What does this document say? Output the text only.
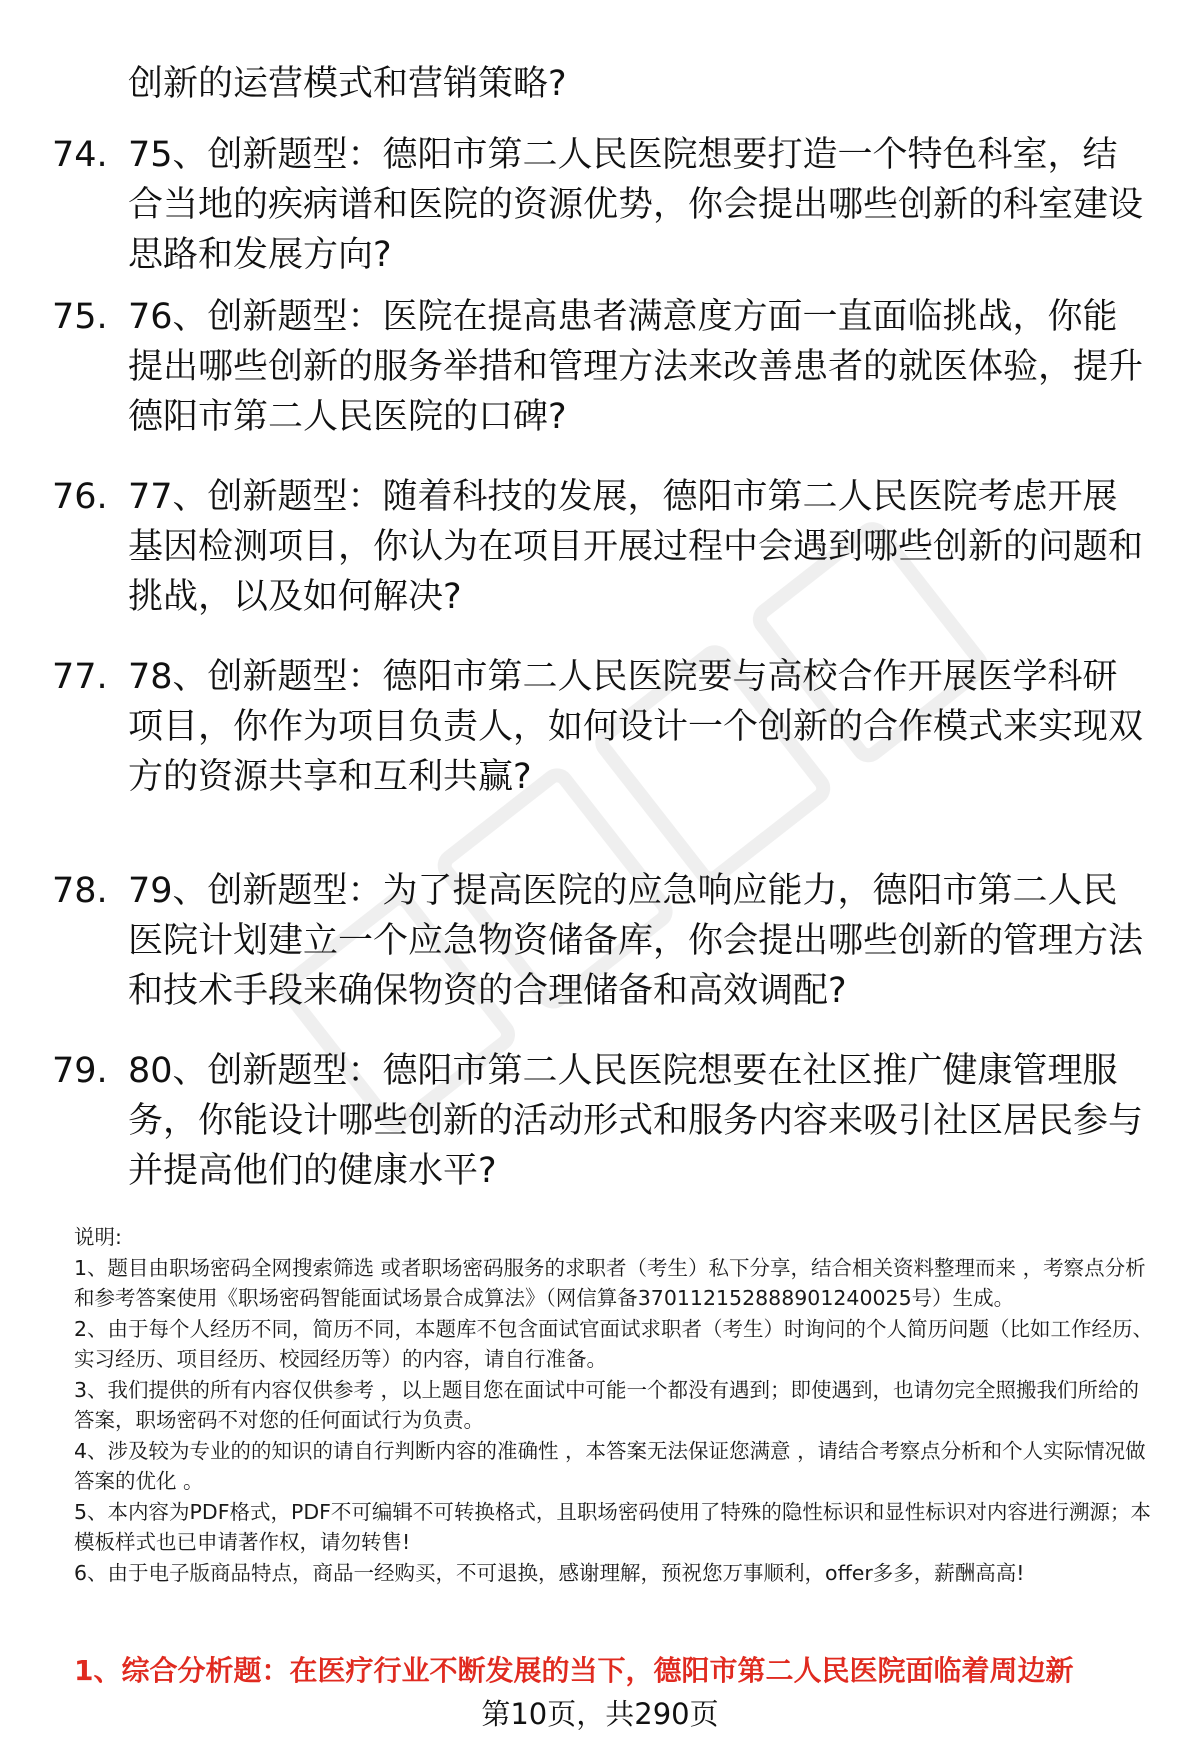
创新的运营模式和营销策略?

74. 75、创新题型：德阳市第二人民医院想要打造一个特色科室，结合当地的疾病谱和医院的资源优势，你会提出哪些创新的科室建设思路和发展方向?
75. 76、创新题型：医院在提高患者满意度方面一直面临挑战，你能提出哪些创新的服务举措和管理方法来改善患者的就医体验，提升德阳市第二人民医院的口碑?
76. 77、创新题型：随着科技的发展，德阳市第二人民医院考虑开展基因检测项目，你认为在项目开展过程中会遇到哪些创新的问题和挑战，以及如何解决?
77. 78、创新题型：德阳市第二人民医院要与高校合作开展医学科研项目，你作为项目负责人，如何设计一个创新的合作模式来实现双方的资源共享和互利共赢?
78. 79、创新题型：为了提高医院的应急响应能力，德阳市第二人民医院计划建立一个应急物资储备库，你会提出哪些创新的管理方法和技术手段来确保物资的合理储备和高效调配?
79. 80、创新题型：德阳市第二人民医院想要在社区推广健康管理服务，你能设计哪些创新的活动形式和服务内容来吸引社区居民参与并提高他们的健康水平?
说明:
1、题目由职场密码全网搜索筛选 或者职场密码服务的求职者（考生）私下分享，结合相关资料整理而来 ，考察点分析和参考答案使用《职场密码智能面试场景合成算法》（网信算备370112152888901240025号）生成。
2、由于每个人经历不同，简历不同，本题库不包含面试官面试求职者（考生）时询问的个人简历问题（比如工作经历、实习经历、项目经历、校园经历等）的内容，请自行准备。
3、我们提供的所有内容仅供参考 ，以上题目您在面试中可能一个都没有遇到；即使遇到，也请勿完全照搬我们所给的答案，职场密码不对您的任何面试行为负责。
4、涉及较为专业的的知识的请自行判断内容的准确性 ，本答案无法保证您满意 ，请结合考察点分析和个人实际情况做答案的优化 。
5、本内容为PDF格式，PDF不可编辑不可转换格式，且职场密码使用了特殊的隐性标识和显性标识对内容进行溯源；本模板样式也已申请著作权，请勿转售!
6、由于电子版商品特点，商品一经购买，不可退换，感谢理解，预祝您万事顺利，offer多多，薪酬高高!
1、综合分析题：在医疗行业不断发展的当下，德阳市第二人民医院面临着周边新
第10页，共290页
